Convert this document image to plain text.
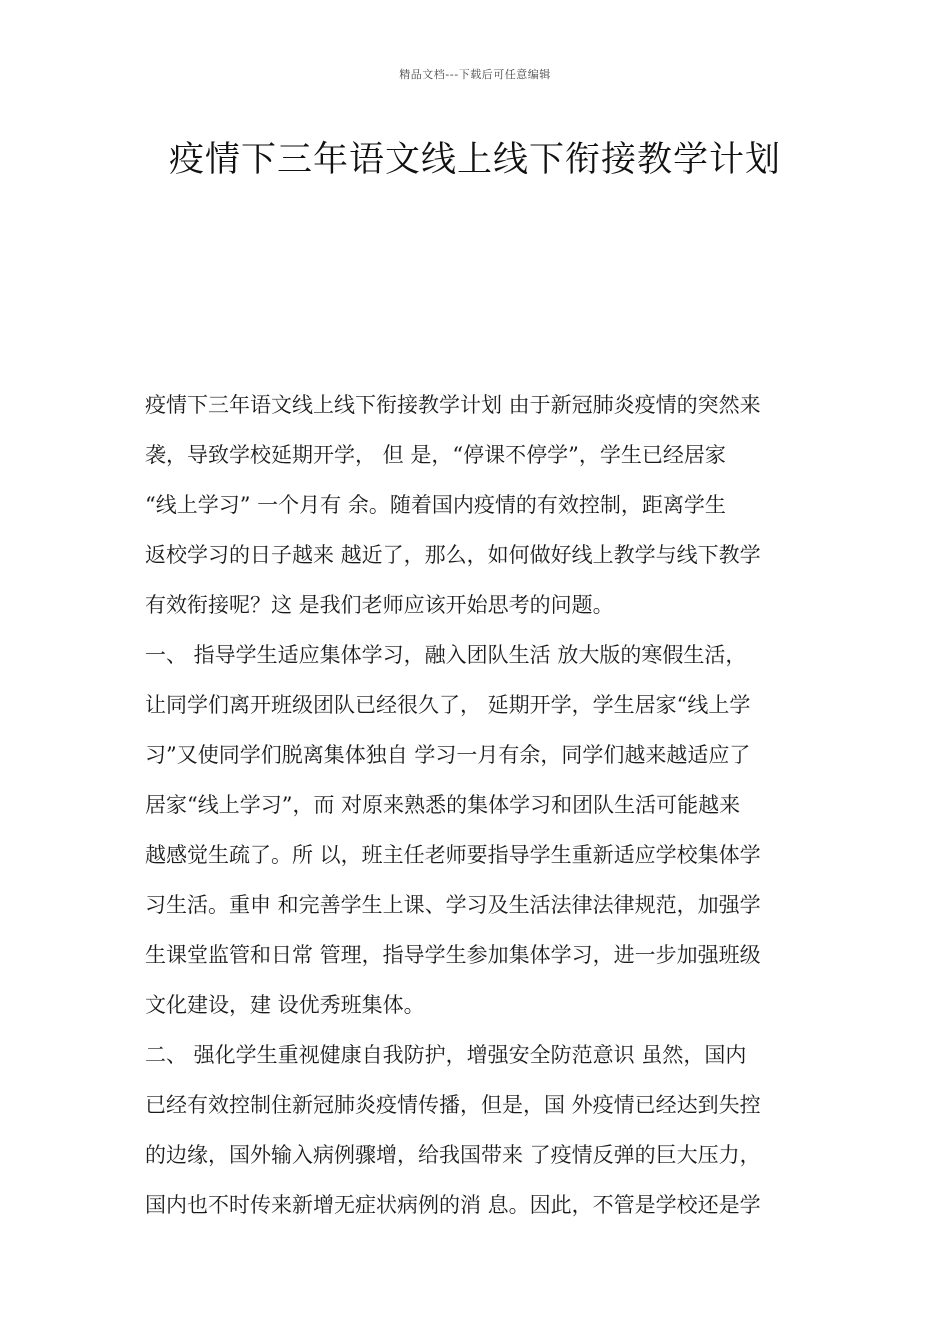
精品文档---下载后可任意编辑
疫情下三年语文线上线下衔接教学计划
疫情下三年语文线上线下衔接教学计划 由于新冠肺炎疫情的突然来
袭，导致学校延期开学， 但 是，“停课不停学”，学生已经居家
“线上学习” 一个月有 余。随着国内疫情的有效控制，距离学生
返校学习的日子越来 越近了，那么，如何做好线上教学与线下教学
有效衔接呢？这 是我们老师应该开始思考的问题。
一、 指导学生适应集体学习，融入团队生活 放大版的寒假生活，
让同学们离开班级团队已经很久了， 延期开学，学生居家“线上学
习”又使同学们脱离集体独自 学习一月有余，同学们越来越适应了
居家“线上学习”，而 对原来熟悉的集体学习和团队生活可能越来
越感觉生疏了。所 以，班主任老师要指导学生重新适应学校集体学
习生活。重申 和完善学生上课、学习及生活法律法律规范，加强学
生课堂监管和日常 管理，指导学生参加集体学习，进一步加强班级
文化建设，建 设优秀班集体。
二、 强化学生重视健康自我防护，增强安全防范意识 虽然，国内
已经有效控制住新冠肺炎疫情传播，但是，国 外疫情已经达到失控
的边缘，国外输入病例骤增，给我国带来 了疫情反弹的巨大压力，
国内也不时传来新增无症状病例的消 息。因此，不管是学校还是学
